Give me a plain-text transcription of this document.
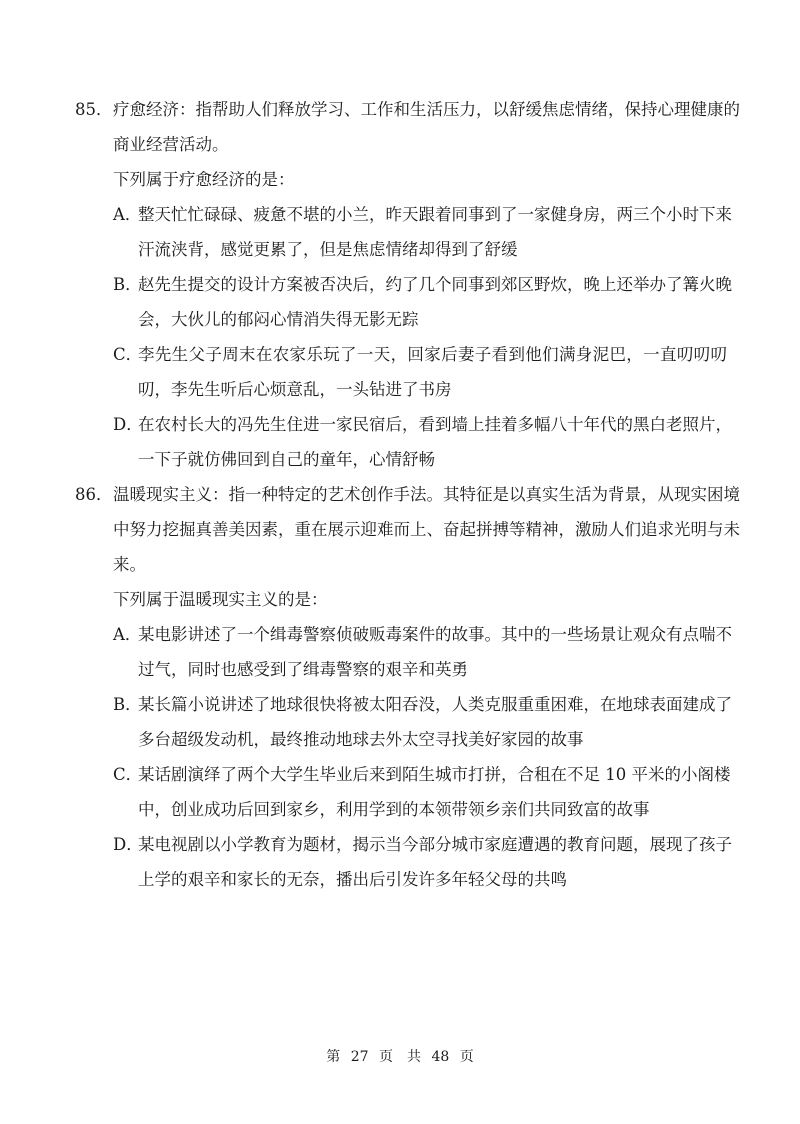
85． 疗愈经济：指帮助人们释放学习、工作和生活压力，以舒缓焦虑情绪，保持心理健康的
商业经营活动。
下列属于疗愈经济的是：
A．
整天忙忙碌碌、疲惫不堪的小兰，昨天跟着同事到了一家健身房，两三个小时下来
汗流浃背，感觉更累了，但是焦虑情绪却得到了舒缓
B．
赵先生提交的设计方案被否决后，约了几个同事到郊区野炊，晚上还举办了篝火晚
会，大伙儿的郁闷心情消失得无影无踪
C．
李先生父子周末在农家乐玩了一天，回家后妻子看到他们满身泥巴，一直叨叨叨
叨，李先生听后心烦意乱，一头钻进了书房
D．
在农村长大的冯先生住进一家民宿后，看到墙上挂着多幅八十年代的黑白老照片，
一下子就仿佛回到自己的童年，心情舒畅
86． 温暖现实主义：指一种特定的艺术创作手法。其特征是以真实生活为背景，从现实困境
中努力挖掘真善美因素，重在展示迎难而上、奋起拼搏等精神，激励人们追求光明与未
来。
下列属于温暖现实主义的是：
A．
某电影讲述了一个缉毒警察侦破贩毒案件的故事。其中的一些场景让观众有点喘不
过气，同时也感受到了缉毒警察的艰辛和英勇
B．
某长篇小说讲述了地球很快将被太阳吞没，人类克服重重困难，在地球表面建成了
多台超级发动机，最终推动地球去外太空寻找美好家园的故事
C．
某话剧演绎了两个大学生毕业后来到陌生城市打拼，合租在不足 10 平米的小阁楼
中，创业成功后回到家乡，利用学到的本领带领乡亲们共同致富的故事
D．
某电视剧以小学教育为题材，揭示当今部分城市家庭遭遇的教育问题，展现了孩子
上学的艰辛和家长的无奈，播出后引发许多年轻父母的共鸣
第 27 页　共 48 页
